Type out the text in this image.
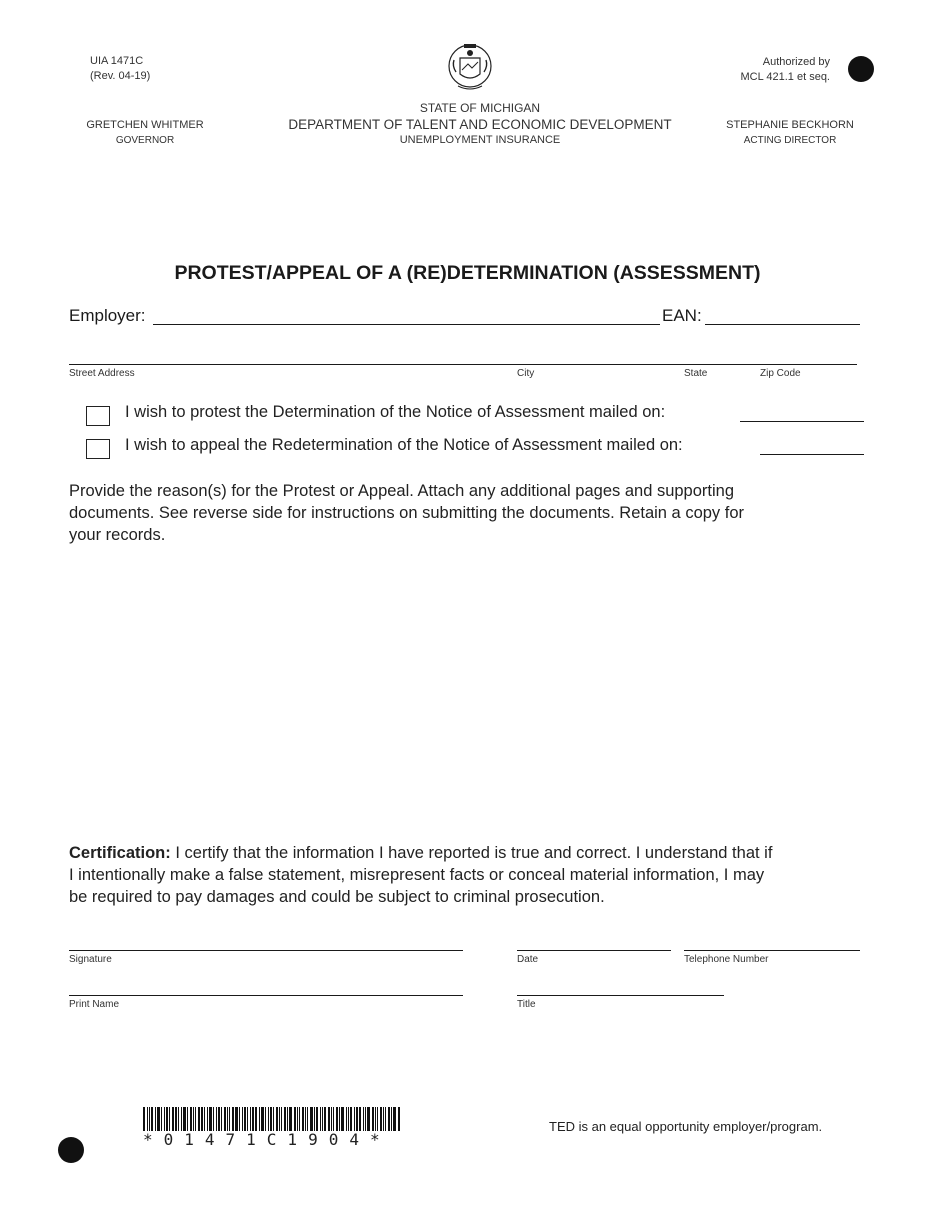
UIA 1471C
(Rev. 04-19)
Authorized by
MCL 421.1 et seq.
STATE OF MICHIGAN
DEPARTMENT OF TALENT AND ECONOMIC DEVELOPMENT
UNEMPLOYMENT INSURANCE
GRETCHEN WHITMER
GOVERNOR
STEPHANIE BECKHORN
ACTING DIRECTOR
PROTEST/APPEAL OF A (RE)DETERMINATION (ASSESSMENT)
Employer:	EAN:
Street Address	City	State	Zip Code
I wish to protest the Determination of the Notice of Assessment mailed on:
I wish to appeal the Redetermination of the Notice of Assessment mailed on:
Provide the reason(s) for the Protest or Appeal. Attach any additional pages and supporting
documents. See reverse side for instructions on submitting the documents. Retain a copy for
your records.
Certification: I certify that the information I have reported is true and correct. I understand that if
I intentionally make a false statement, misrepresent facts or conceal material information, I may
be required to pay damages and could be subject to criminal prosecution.
Signature	Date	Telephone Number
Print Name	Title
*01471C1904*
TED is an equal opportunity employer/program.
